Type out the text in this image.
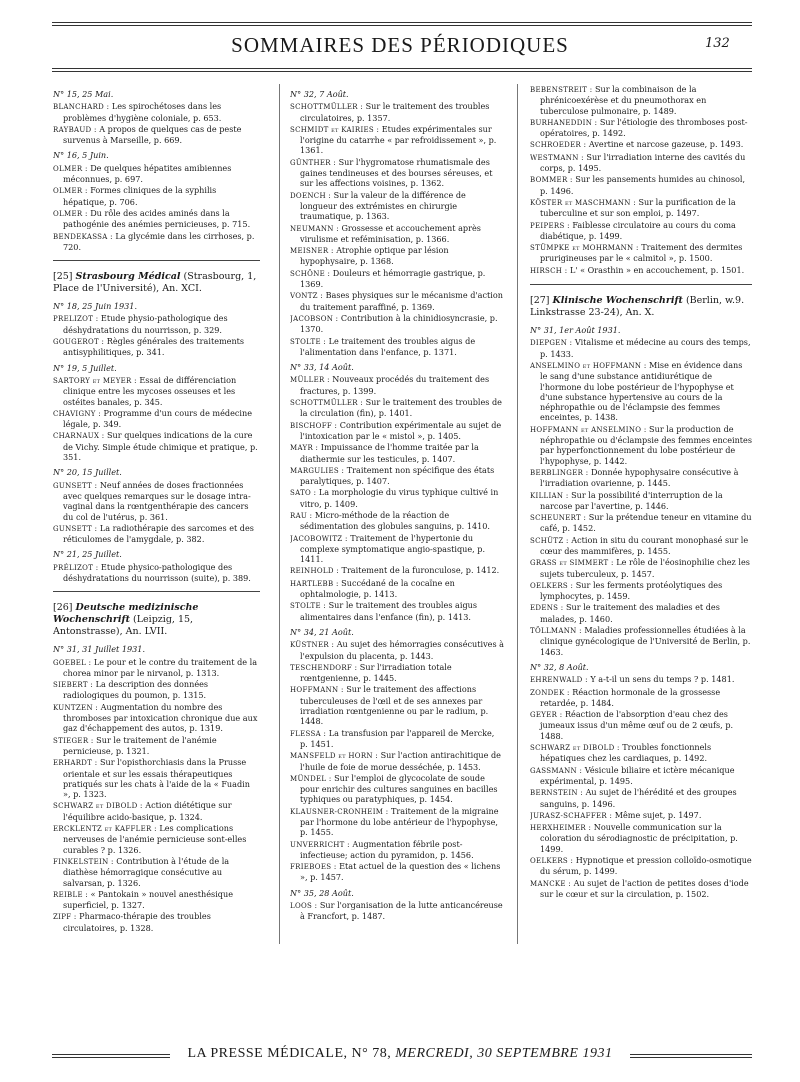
SOMMAIRES DES PÉRIODIQUES	132
N° 15, 25 Mai.
BLANCHARD : Les spirochétoses dans les problèmes d'hygiène coloniale, p. 653.
RAYBAUD : A propos de quelques cas de peste survenus à Marseille, p. 669.
N° 16, 5 Juin.
OLMER : De quelques hépatites amibiennes méconnues, p. 697.
OLMER : Formes cliniques de la syphilis hépatique, p. 706.
OLMER : Du rôle des acides aminés dans la pathogénie des anémies pernicieuses, p. 715.
BENDEKASSA : La glycémie dans les cirrhoses, p. 720.
[25] Strasbourg Médical (Strasbourg, 1, Place de l'Université), An. XCI.
N° 18, 25 Juin 1931.
PRELIZOT : Etude physio-pathologique des déshydratations du nourrisson, p. 329.
GOUGEROT : Règles générales des traitements antisyphilitiques, p. 341.
N° 19, 5 Juillet.
SARTORY et MEYER : Essai de différenciation clinique entre les mycoses osseuses et les ostéites banales, p. 345.
CHAVIGNY : Programme d'un cours de médecine légale, p. 349.
CHARNAUX : Sur quelques indications de la cure de Vichy. Simple étude chimique et pratique, p. 351.
N° 20, 15 Juillet.
GUNSETT : Neuf années de doses fractionnées avec quelques remarques sur le dosage intra-vaginal dans la rœntgenthérapie des cancers du col de l'utérus, p. 361.
GUNSETT : La radiothérapie des sarcomes et des réticulomes de l'amygdale, p. 382.
N° 21, 25 Juillet.
PRÉLIZOT : Etude physico-pathologique des déshydratations du nourrisson (suite), p. 389.
[26] Deutsche medizinische Wochenschrift (Leipzig, 15, Antonstrasse), An. LVII.
N° 31, 31 Juillet 1931.
GOEBEL : Le pour et le contre du traitement de la chorea minor par le nirvanol, p. 1313.
SIEBERT : La description des données radiologiques du poumon, p. 1315.
KUNTZEN : Augmentation du nombre des thromboses par intoxication chronique due aux gaz d'échappement des autos, p. 1319.
STIEGER : Sur le traitement de l'anémie pernicieuse, p. 1321.
ERHARDT : Sur l'opisthorchiasis dans la Prusse orientale et sur les essais thérapeutiques pratiqués sur les chats à l'aide de la « Fuadin », p. 1323.
SCHWARZ et DIBOLD : Action diététique sur l'équilibre acido-basique, p. 1324.
ERCKLENTZ et KAFFLER : Les complications nerveuses de l'anémie pernicieuse sont-elles curables ? p. 1326.
FINKELSTEIN : Contribution à l'étude de la diathèse hémorragique consécutive au salvarsan, p. 1326.
REIBLE : « Pantokain » nouvel anesthésique superficiel, p. 1327.
ZIPF : Pharmaco-thérapie des troubles circulatoires, p. 1328.
N° 32, 7 Août.
SCHOTTMÜLLER : Sur le traitement des troubles circulatoires, p. 1357.
SCHMIDT et KAIRIES : Etudes expérimentales sur l'origine du catarrhe « par refroidissement », p. 1361.
GÜNTHER : Sur l'hygromatose rhumatismale des gaines tendineuses et des bourses séreuses, et sur les affections voisines, p. 1362.
DOENCH : Sur la valeur de la différence de longueur des extrémistes en chirurgie traumatique, p. 1363.
NEUMANN : Grossesse et accouchement après virulisme et reféminisation, p. 1366.
MEISNER : Atrophie optique par lésion hypophysaire, p. 1368.
SCHÖNE : Douleurs et hémorragie gastrique, p. 1369.
VONTZ : Bases physiques sur le mécanisme d'action du traitement paraffiné, p. 1369.
JACOBSON : Contribution à la chinidiosyncrasie, p. 1370.
STOLTE : Le traitement des troubles aigus de l'alimentation dans l'enfance, p. 1371.
N° 33, 14 Août.
MÜLLER : Nouveaux procédés du traitement des fractures, p. 1399.
SCHOTTMÜLLER : Sur le traitement des troubles de la circulation (fin), p. 1401.
BISCHOFF : Contribution expérimentale au sujet de l'intoxication par le « mistol », p. 1405.
MAYR : Impuissance de l'homme traitée par la diathermie sur les testicules, p. 1407.
MARGULIES : Traitement non spécifique des états paralytiques, p. 1407.
SATO : La morphologie du virus typhique cultivé in vitro, p. 1409.
RAU : Micro-méthode de la réaction de sédimentation des globules sanguins, p. 1410.
JACOBOWITZ : Traitement de l'hypertonie du complexe symptomatique angio-spastique, p. 1411.
REINHOLD : Traitement de la furonculose, p. 1412.
HARTLEBB : Succédané de la cocaïne en ophtalmologie, p. 1413.
STOLTE : Sur le traitement des troubles aigus alimentaires dans l'enfance (fin), p. 1413.
N° 34, 21 Août.
KÜSTNER : Au sujet des hémorragies consécutives à l'expulsion du placenta, p. 1443.
TESCHENDORF : Sur l'irradiation totale rœntgenienne, p. 1445.
HOFFMANN : Sur le traitement des affections tuberculeuses de l'œil et de ses annexes par irradiation rœntgenienne ou par le radium, p. 1448.
FLESSA : La transfusion par l'appareil de Mercke, p. 1451.
MANSFELD et HORN : Sur l'action antirachitique de l'huile de foie de morue desséchée, p. 1453.
MÜNDEL : Sur l'emploi de glycocolate de soude pour enrichir des cultures sanguines en bacilles typhiques ou paratyphiques, p. 1454.
KLAUSNER-CRONHEIM : Traitement de la migraine par l'hormone du lobe antérieur de l'hypophyse, p. 1455.
UNVERRICHT : Augmentation fébrile post-infectieuse; action du pyramidon, p. 1456.
FRIEBOES : Etat actuel de la question des « lichens », p. 1457.
N° 35, 28 Août.
LOOS : Sur l'organisation de la lutte anticancéreuse à Francfort, p. 1487.
BEBENSTREIT : Sur la combinaison de la phrénicoexérèse et du pneumothorax en tuberculose pulmonaire, p. 1489.
BURHANEDDIN : Sur l'étiologie des thromboses post-opératoires, p. 1492.
SCHROEDER : Avertine et narcose gazeuse, p. 1493.
WESTMANN : Sur l'irradiation interne des cavités du corps, p. 1495.
BOMMER : Sur les pansements humides au chinosol, p. 1496.
KÖSTER et MASCHMANN : Sur la purification de la tuberculine et sur son emploi, p. 1497.
PEIPERS : Faiblesse circulatoire au cours du coma diabétique, p. 1499.
STÜMPKE et MOHRMANN : Traitement des dermites prurigineuses par le « calmitol », p. 1500.
HIRSCH : L' « Orasthin » en accouchement, p. 1501.
[27] Klinische Wochenschrift (Berlin, w.9. Linkstrasse 23-24), An. X.
N° 31, 1er Août 1931.
DIEPGEN : Vitalisme et médecine au cours des temps, p. 1433.
ANSELMINO et HOFFMANN : Mise en évidence dans le sang d'une substance antidiurétique de l'hormone du lobe postérieur de l'hypophyse et d'une substance hypertensive au cours de la néphropathie ou de l'éclampsie des femmes enceintes, p. 1438.
HOFFMANN et ANSELMINO : Sur la production de néphropathie ou d'éclampsie des femmes enceintes par hyperfonctionnement du lobe postérieur de l'hypophyse, p. 1442.
BERBLINGER : Donnée hypophysaire consécutive à l'irradiation ovarienne, p. 1445.
KILLIAN : Sur la possibilité d'interruption de la narcose par l'avertine, p. 1446.
SCHEUNERT : Sur la prétendue teneur en vitamine du café, p. 1452.
SCHÜTZ : Action in situ du courant monophasé sur le cœur des mammifères, p. 1455.
GRASS et SIMMERT : Le rôle de l'éosinophilie chez les sujets tuberculeux, p. 1457.
OELKERS : Sur les ferments protéolytiques des lymphocytes, p. 1459.
EDENS : Sur le traitement des maladies et des malades, p. 1460.
TÖLLMANN : Maladies professionnelles étudiées à la clinique gynécologique de l'Université de Berlin, p. 1463.
N° 32, 8 Août.
EHRENWALD : Y a-t-il un sens du temps ? p. 1481.
ZONDEK : Réaction hormonale de la grossesse retardée, p. 1484.
GEYER : Réaction de l'absorption d'eau chez des jumeaux issus d'un même œuf ou de 2 œufs, p. 1488.
SCHWARZ et DIBOLD : Troubles fonctionnels hépatiques chez les cardiaques, p. 1492.
GASSMANN : Vésicule biliaire et ictère mécanique expérimental, p. 1495.
BERNSTEIN : Au sujet de l'hérédité et des groupes sanguins, p. 1496.
JURASZ-SCHAFFER : Même sujet, p. 1497.
HERXHEIMER : Nouvelle communication sur la coloration du sérodiagnostic de précipitation, p. 1499.
OELKERS : Hypnotique et pression colloïdo-osmotique du sérum, p. 1499.
MANCKE : Au sujet de l'action de petites doses d'iode sur le cœur et sur la circulation, p. 1502.
LA PRESSE MÉDICALE, N° 78, MERCREDI, 30 SEPTEMBRE 1931
